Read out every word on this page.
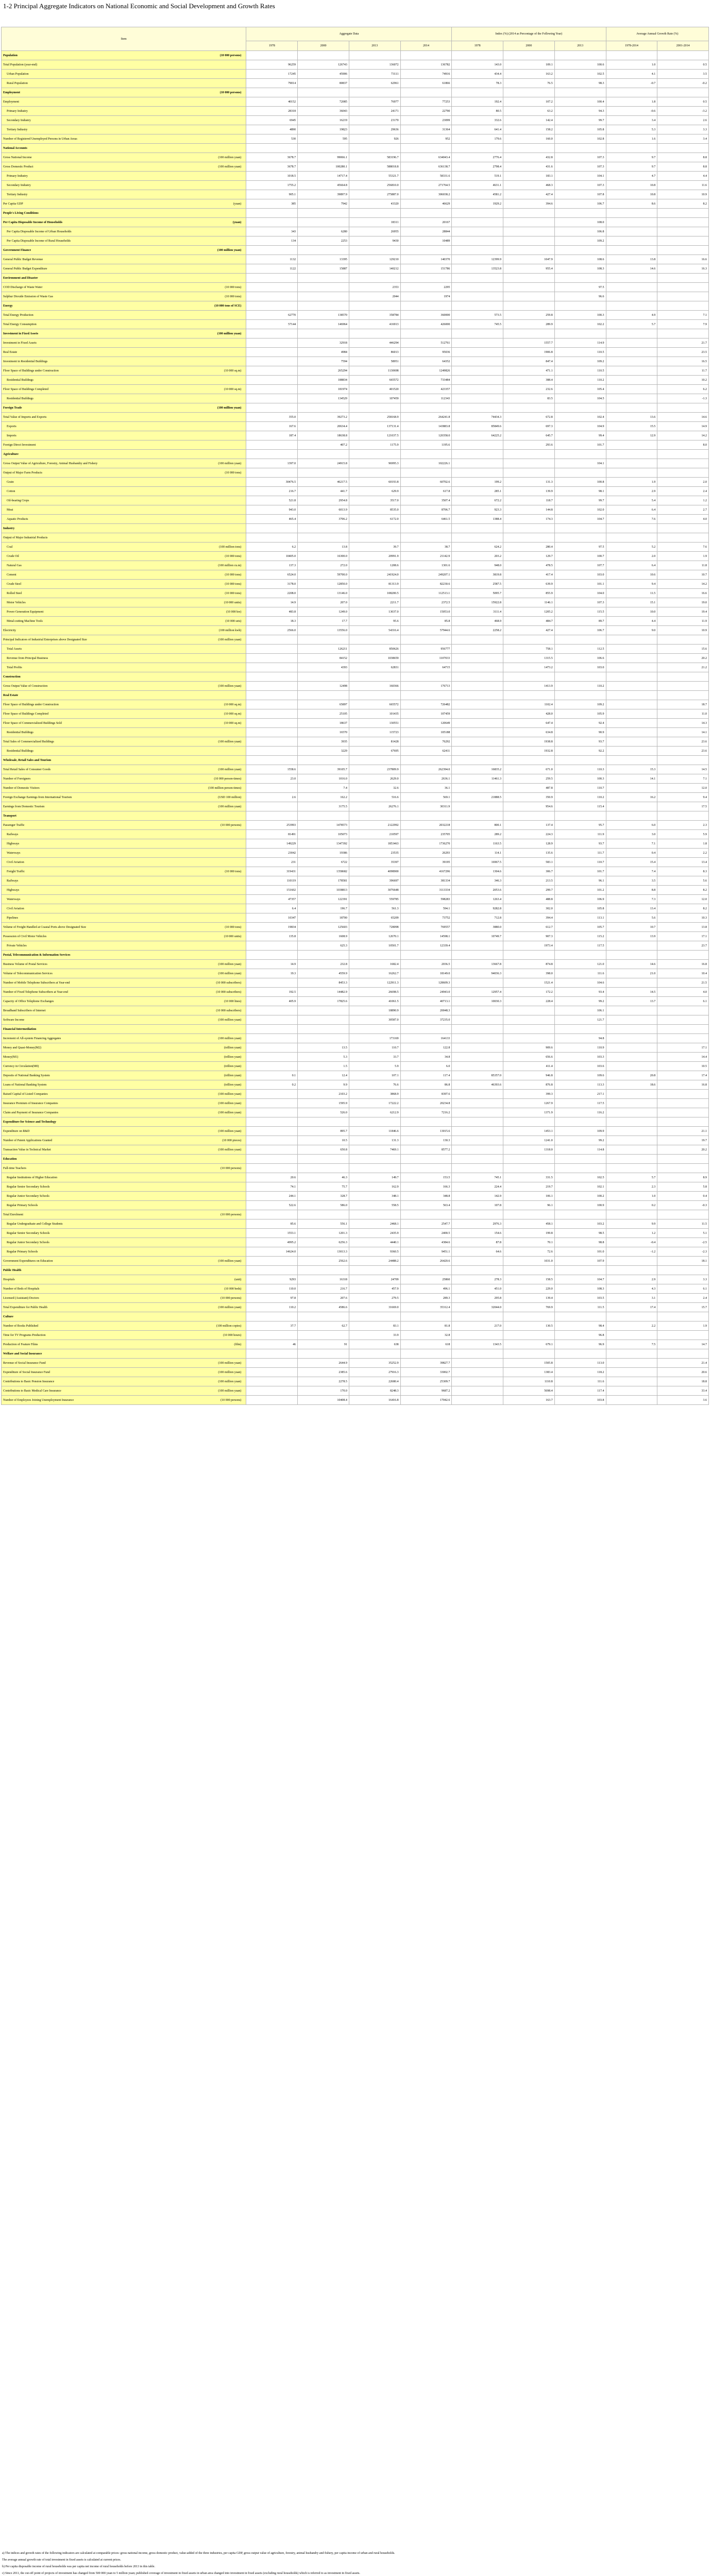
1-2 Principal Aggregate Indicators on National Economic and Social Development and Growth Rates
Item	Aggregate Data				Index (%) (2014 as Percentage of the Following Year)			Average Annual Growth Rate (%)	
	1978	2000	2013	2014	1978	2000	2013	1978-2014	2001-2014
Population (10 000 persons)									

Total Population (year-end)	96259	126743	136072	136782	143.0	109.1	100.6	1.0	0.5
Urban Population	17245	45906	73111	74916	434.4	163.2	102.5	4.1	3.5
Rural Population	79014	80837	62961	61866	78.3	76.5	98.3	-0.7	-0.2
Employment (10 000 persons)									

Employment	40152	72085	76977	77253	192.4	107.2	100.4	1.8	0.5
Primary Industry	28318	36043	24171	22790	80.5	63.2	94.3	-0.6	-3.2
Secondary Industry	6945	16219	23170	23099	332.6	142.4	99.7	3.4	2.6
Tertiary Industry	4890	19823	29636	31364	641.4	158.2	105.8	5.3	3.3
Number of Registered Unemployed Persons in Urban Areas	530	595	926	952	179.6	160.0	102.8	1.6	3.4
National Accounts									
Gross National Income (100 million yuan)	3678.7	99066.1	583196.7	634043.4	2776.4	432.8	107.3	9.7	8.8
Gross Domestic Product (100 million yuan)	3678.7	100280.1	588018.8	636138.7	2798.4	431.6	107.3	9.7	8.8
Primary Industry	1018.5	14717.4	55321.7	58331.6	519.1	183.1	104.1	4.7	4.4
Secondary Industry	1755.2	45664.8	256810.0	271764.5	4631.1	468.3	107.3	10.8	11.6
Tertiary Industry	905.1	39897.9	275887.0	306038.2	4581.2	427.4	107.8	10.8	10.9
Per Capita GDP (yuan)	385	7942	43320	46629	1929.2	394.6	106.7	8.6	8.2
People's Living Conditions									
Per Capita Disposable Income of Households (yuan)			18311	20167			108.0		
Per Capita Disposable Income of Urban Households	343	6280	26955	28844			106.8		
Per Capita Disposable Income of Rural Households	134	2253	9430	10489			109.2		
Government Finance (100 million yuan)									

General Public Budget Revenue	1132	13395	129210	140370	12399.9	1047.9	108.6	13.8	16.6
General Public Budget Expenditure	1122	15887	140212	151786	13523.8	955.4	108.3	14.6	16.3
Environment and Disaster									
COD Discharge of Waste Water (10 000 tons)			2353	2295			97.5		
Sulphur Dioxide Emission of Waste Gas (10 000 tons)			2044	1974			96.6		
Energy (10 000 tons of SCE)									

Total Energy Production	62770	138570	358784	360000	573.5	259.8	100.3	4.9	7.1
Total Energy Consumption	57144	146964	416913	426000	745.5	289.9	102.2	5.7	7.9
Investment in Fixed Assets (100 million yuan)									

Investment in Fixed Assets		32918	446294	512761		1557.7	114.9		21.7
Real Estate		4984	86013	95036		1906.8	110.5		23.5
Investment in Residential Buildings		7594	58951	64352		847.4	109.2		16.5
Floor Space of Buildings under Construction (10 000 sq.m)		265294	1130698	1249826		471.1	110.5		11.7
Residential Buildings		188834	665572	733484		388.4	110.2		10.2
Floor Space of Buildings Completed (10 000 sq.m)		181974	401520	423357		232.6	105.4		6.2
Residential Buildings		134529	107459	112343		83.5	104.5		-1.3
Foreign Trade (100 million yuan)									

Total Value of Imports and Exports	355.0	39273.2	258168.9	264241.8	74434.3	672.8	102.4	13.6	14.6
Exports	167.6	20634.4	137131.4	143883.8	85849.6	697.3	104.9	15.5	14.9
Imports	187.4	18638.8	121037.5	120358.0	64225.2	645.7	99.4	12.9	14.2
Foreign Direct Investment		407.2	1175.9	1195.6		293.6	101.7		8.0
Agriculture									
Gross Output Value of Agriculture, Forestry, Animal Husbandry and Fishery (100 million yuan)	1397.0	24915.8	96995.3	102226.1			104.1		
Output of Major Farm Products (10 000 tons)									

Grain	30476.5	46217.5	60193.8	60702.6	199.2	131.3	100.8	1.9	2.0
Cotton	216.7	441.7	629.9	617.8	285.1	139.9	98.1	2.9	2.4
Oil-bearing Crops	521.8	2954.8	3517.0	3507.4	672.2	118.7	99.7	5.4	1.2
Meat	943.0	6013.9	8535.0	8706.7	923.3	144.8	102.0	6.4	2.7
Aquatic Products	465.4	3706.2	6172.0	6461.5	1388.4	174.3	104.7	7.6	4.0
Industry									
Output of Major Industrial Products									
Coal (100 million tons)	6.2	13.8	39.7	38.7	624.2	280.4	97.5	5.2	7.6
Crude Oil (10 000 tons)	10405.0	16300.0	20991.9	21142.9	203.2	129.7	100.7	2.0	1.9
Natural Gas (100 million cu.m)	137.3	272.0	1208.6	1301.6	948.0	478.5	107.7	6.4	11.8
Cement (10 000 tons)	6524.0	59700.0	241924.0	249207.1	3819.8	417.4	103.0	10.6	10.7
Crude Steel (10 000 tons)	3178.0	12850.0	81313.9	82230.6	2587.5	639.9	101.1	9.4	14.2
Rolled Steel (10 000 tons)	2208.0	13146.0	108200.5	112513.1	5095.7	855.9	104.0	11.5	16.6
Motor Vehicles (10 000 units)	14.9	207.0	2211.7	2372.5	15922.8	1146.1	107.3	15.1	19.0
Power Generation Equipment (10 000 kw)	483.8	1249.0	13037.0	15053.0	3111.4	1205.2	115.5	10.0	19.4
Metal-cutting Machine Tools (10 000 sets)	18.3	17.7	95.6	85.8	468.9	484.7	89.7	4.4	11.9
Electricity (100 million kwh)	2566.0	13556.0	54316.4	57944.6	2258.2	427.4	106.7	9.0	10.9
Principal Indicators of Industrial Enterprises above Designated Size (100 million yuan)									

Total Assets		126211	850626	956777		758.1	112.5		15.6
Revenue from Principal Business		84152	1038659	1107033		1315.5	106.6		20.2
Total Profits		4393	62831	64715		1473.2	103.0		21.2
Construction									
Gross Output Value of Construction (100 million yuan)		12498	160366	176713		1413.9	110.2		
Real Estate									
Floor Space of Buildings under Construction (10 000 sq.m)		65897	665572	726482		1102.4	109.2		18.7
Floor Space of Buildings Completed (10 000 sq.m)		25105	101435	107459		428.0	105.9		11.0
Floor Space of Commercialized Buildings Sold (10 000 sq.m)		18637	130551	120649		647.4	92.4		14.3
Residential Buildings		16570	115723	105188		634.8	90.9		14.1
Total Sales of Commercialized Buildings (100 million yuan)		3935	81428	76292		1938.8	93.7		23.6
Residential Buildings		3229	67695	62411		1932.8	92.2		23.6
Wholesale, Retail Sales and Tourism									
Total Retail Sales of Consumer Goods (100 million yuan)	1558.6	39105.7	237809.9	262394.0	16835.2	671.0	110.3	15.3	14.5
Number of Foreigners (10 000 person-times)	23.0	1016.0	2629.0	2636.1	11461.3	259.5	100.3	14.1	7.1
Number of Domestic Visitors (100 million person-times)		7.4	32.6	36.1		487.8	110.7		12.0
Foreign Exchange Earnings from International Tourism (USD 100 million)	2.6	162.2	516.6	569.1	21888.5	350.9	110.2	16.2	9.4
Earnings from Domestic Tourism (100 million yuan)		3175.5	26276.1	30311.9		954.6	115.4		17.5
Transport									
Passenger Traffic (10 000 persons)	253993	1478573	2122992	2032218	800.1	137.4	95.7	6.0	2.3
Railways	81491	105073	210597	235705	289.2	224.3	111.9	3.0	5.9
Highways	149229	1347392	1853463	1736270	1163.5	128.9	93.7	7.1	1.8
Waterways	23042	19386	23535	26293	114.1	135.6	111.7	0.4	2.2
Civil Aviation	231	6722	35397	39195	16967.5	583.1	110.7	15.4	13.4
Freight Traffic (10 000 tons)	319431	1358682	4098900	4167296	1304.6	306.7	101.7	7.4	8.3
Railways	110119	178581	396697	381334	346.3	213.5	96.1	3.5	5.6
Highways	151602	1038813	3076648	3113334	2053.6	299.7	101.2	8.8	8.2
Waterways	47357	122391	559785	598283	1263.4	488.8	106.9	7.3	12.0
Civil Aviation	6.4	196.7	561.3	594.1	9282.8	302.0	105.8	13.4	8.2
Pipelines	10347	18700	65209	73752	712.8	394.4	113.1	5.6	10.3
Volume of Freight Handled at Coastal Ports above Designated Size (10 000 tons)	19834	125603	728098	769557	3880.0	612.7	105.7	10.7	13.8
Possession of Civil Motor Vehicles (10 000 units)	135.8	1608.9	12670.1	14598.1	10749.7	907.3	115.2	13.9	17.1
Private Vehicles		625.3	10501.7	12339.4		1973.4	117.5		23.7
Postal, Telecommunication & Information Services									
Business Volume of Postal Services (100 million yuan)	14.9	232.8	1682.4	2036.5	13667.8	874.8	121.0	14.6	16.8
Volume of Telecommunication Services (100 million yuan)	19.3	4559.9	16262.7	18149.0	94036.3	398.0	111.6	21.0	10.4
Number of Mobile Telephone Subscribers at Year-end (10 000 subscribers)		8453.3	122911.3	128609.3		1521.4	104.6		21.5
Number of Fixed Telephone Subscribers at Year-end (10 000 subscribers)	192.5	14482.9	26698.5	24943.0	12957.4	172.2	93.4	14.5	4.0
Capacity of Office Telephone Exchanges (10 000 lines)	405.9	17825.6	41061.5	40713.1	10030.3	228.4	99.2	13.7	6.1
Broadband Subscribers of Internet (10 000 subscribers)			18890.9	20048.3			106.1		
Software Income (100 million yuan)			30587.0	37235.0			121.7		
Financial Intermediation									
Increment of All-system Financing Aggregates (100 million yuan)			173169	164133			94.8		
Money and Quasi-Money(M2) (trillion yuan)		13.5	110.7	122.8		909.6	110.9		17.1
Money(M1) (trillion yuan)		5.3	33.7	34.8		656.6	103.3		14.4
Currency in Circulation(M0) (trillion yuan)		1.5	5.9	6.0		411.4	103.6		10.5
Deposits of National Banking System (trillion yuan)	0.1	12.4	107.1	117.4	85357.0	946.8	109.6	20.8	17.4
Loans of National Banking System (trillion yuan)	0.2	9.9	76.6	86.8	46393.6	876.8	113.3	18.6	16.8
Raised Capital of Listed Companies (100 million yuan)		2103.2	3868.9	8397.6		399.3	217.1		
Insurance Premium of Insurance Companies (100 million yuan)		1595.9	17222.2	20234.8		1267.9	117.5		
Claim and Payment of Insurance Companies (100 million yuan)		526.0	6212.9	7216.2		1371.9	116.2		
Expenditure for Science and Technology									
Expenditure on R&D (100 million yuan)		895.7	11846.6	13015.6		1453.1	109.9		21.1
Number of Patent Applications Granted (10 000 pieces)		10.5	131.3	130.3		1241.0	99.2		19.7
Transaction Value in Technical Market (100 million yuan)		650.8	7469.1	8577.2		1318.0	114.8		20.2
Education									
Full-time Teachers (10 000 persons)									

Regular Institutions of Higher Education	20.6	46.3	149.7	153.5	745.1	331.5	102.5	5.7	8.9
Regular Senior Secondary Schools	74.1	75.7	162.9	166.3	224.4	219.7	102.1	2.3	5.8
Regular Junior Secondary Schools	244.1	328.7	348.1	348.8	142.9	106.1	100.2	1.0	0.4
Regular Primary Schools	522.6	586.0	558.5	563.4	107.8	96.1	100.9	0.2	-0.3
Total Enrolment (10 000 persons)									

Regular Undergraduate and College Students	85.6	556.1	2468.1	2547.7	2976.3	458.1	103.2	9.9	11.5
Regular Senior Secondary Schools	1553.1	1201.3	2435.9	2400.5	154.6	199.8	98.5	1.2	5.1
Regular Junior Secondary Schools	4995.2	6256.3	4440.1	4384.6	87.8	70.1	98.8	-0.4	-2.5
Regular Primary Schools	14624.0	13013.3	9360.5	9451.1	64.6	72.6	101.0	-1.2	-2.3
Government Expenditures on Education (100 million yuan)		2562.6	24488.2	26420.6		1031.0	107.9		18.1
Public Health									
Hospitals (unit)	9293	16318	24709	25860	278.3	158.5	104.7	2.9	3.3
Number of Beds of Hospitals (10 000 beds)	110.0	216.7	457.9	496.1	451.0	229.0	108.3	4.3	6.1
Licensed (Assistant) Doctors (10 000 persons)	97.8	207.6	279.5	289.3	295.8	139.4	103.5	3.1	2.4
Total Expenditure for Public Health (100 million yuan)	110.2	4586.6	31669.0	35312.4	32044.0	769.9	111.5	17.4	15.7
Culture									
Number of Books Published (100 million copies)	37.7	62.7	83.1	81.8	217.0	130.5	98.4	2.2	1.9
Time for TV Programs Production (10 000 hours)			33.9	32.8			96.8		
Production of Feature Films (film)	46	91	638	618	1343.5	679.1	96.9	7.5	14.7
Welfare and Social Insurance									
Revenue of Social Insurance Fund (100 million yuan)		2644.9	35252.9	39827.7		1505.8	113.0		21.4
Expenditure of Social Insurance Fund (100 million yuan)		2385.6	27916.3	33002.7		1383.4	118.2		20.6
Contributions to Basic Pension Insurance (100 million yuan)		2278.5	22680.4	25309.7		1110.8	111.6		18.8
Contributions to Basic Medical Care Insurance (100 million yuan)		170.0	8248.3	9687.2		5698.4	117.4		33.4
Number of Employees Joining Unemployment Insurance (10 000 persons)		10408.4	16416.8	17042.6		163.7	103.8		3.6
a) The indices and growth rates of the following indicators are calculated at comparable prices: gross national income, gross domestic product, value-added of the three industries, per capita GDP, gross output value of agriculture, forestry, animal husbandry and fishery, per capita income of urban and rural households.
The average annual growth rate of total investment in fixed assets is calculated at current prices.
b) Per capita disposable income of rural households was per capita net income of rural households before 2013 in this table.
c) Since 2011, the cut-off point of projects of investment has changed from 500 000 yuan to 5 million yuan; published coverage of investment in fixed assets in urban area changed into investment in fixed assets (excluding rural households) which is referred to as investment in fixed assets.
